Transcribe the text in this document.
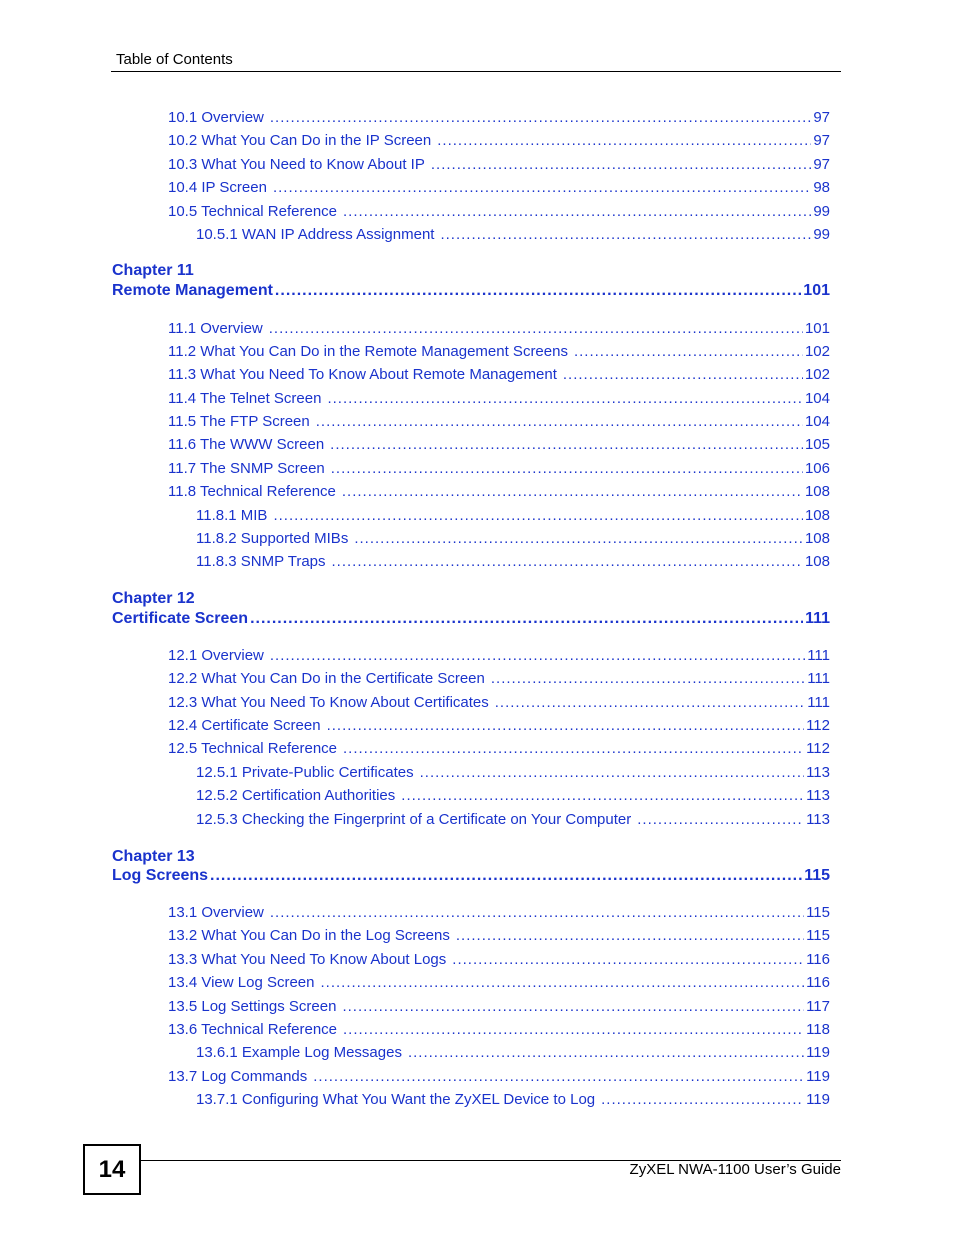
Table of Contents
10.1 Overview .....	97
10.2 What You Can Do in the IP Screen .....	97
10.3 What You Need to Know About IP .....	97
10.4 IP Screen .....	98
10.5 Technical Reference .....	99
10.5.1 WAN IP Address Assignment .....	99
Chapter 11
Remote Management .....	101
11.1 Overview .....	101
11.2 What You Can Do in the Remote Management Screens .....	102
11.3 What You Need To Know About Remote Management .....	102
11.4 The Telnet Screen .....	104
11.5 The FTP Screen .....	104
11.6 The WWW Screen .....	105
11.7 The SNMP Screen .....	106
11.8 Technical Reference .....	108
11.8.1 MIB .....	108
11.8.2 Supported MIBs .....	108
11.8.3 SNMP Traps .....	108
Chapter 12
Certificate Screen .....	111
12.1 Overview .....	111
12.2 What You Can Do in the Certificate Screen .....	111
12.3 What You Need To Know About Certificates .....	111
12.4 Certificate Screen .....	112
12.5 Technical Reference .....	112
12.5.1 Private-Public Certificates .....	113
12.5.2 Certification Authorities .....	113
12.5.3 Checking the Fingerprint of a Certificate on Your Computer .....	113
Chapter 13
Log Screens .....	115
13.1 Overview .....	115
13.2 What You Can Do in the Log Screens .....	115
13.3 What You Need To Know About Logs .....	116
13.4 View Log Screen .....	116
13.5 Log Settings Screen .....	117
13.6 Technical Reference .....	118
13.6.1 Example Log Messages .....	119
13.7 Log Commands .....	119
13.7.1 Configuring What You Want the ZyXEL Device to Log .....	119
14	ZyXEL NWA-1100 User’s Guide
